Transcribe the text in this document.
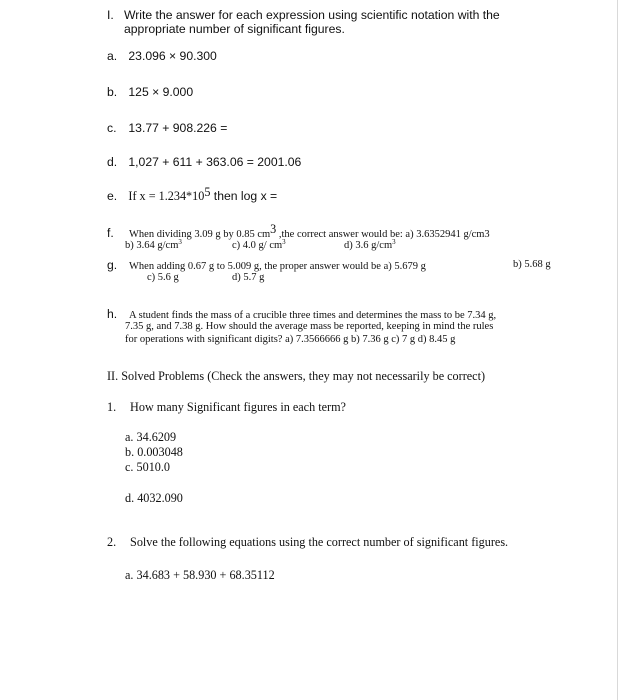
I. Write the answer for each expression using scientific notation with the
appropriate number of significant figures.
a. 23.096 × 90.300
b. 125 × 9.000
c. 13.77 + 908.226 =
d. 1,027 + 611 + 363.06 = 2001.06
e. If $x = 1.234*10^5$ then log x =
f. When dividing 3.09 g by 0.85 $cm^3$ ,the correct answer would be: a) 3.6352941 g/cm3
b) 3.64 $g/cm^3$	c) 4.0 g/ $cm^3$	d) 3.6 $g/cm^3$
g. When adding 0.67 g to 5.009 g, the proper answer would be a) 5.679 g	b) 5.68 g
c) 5.6 g	d) 5.7 g
h. A student finds the mass of a crucible three times and determines the mass to be 7.34 g,
7.35 g, and 7.38 g. How should the average mass be reported, keeping in mind the rules
for operations with significant digits? a) 7.3566666 g b) 7.36 g c) 7 g d) 8.45 g
II. Solved Problems (Check the answers, they may not necessarily be correct)
1. How many Significant figures in each term?
a. 34.6209
b. 0.003048
c. 5010.0
d. 4032.090
2. Solve the following equations using the correct number of significant figures.
a. 34.683 + 58.930 + 68.35112
